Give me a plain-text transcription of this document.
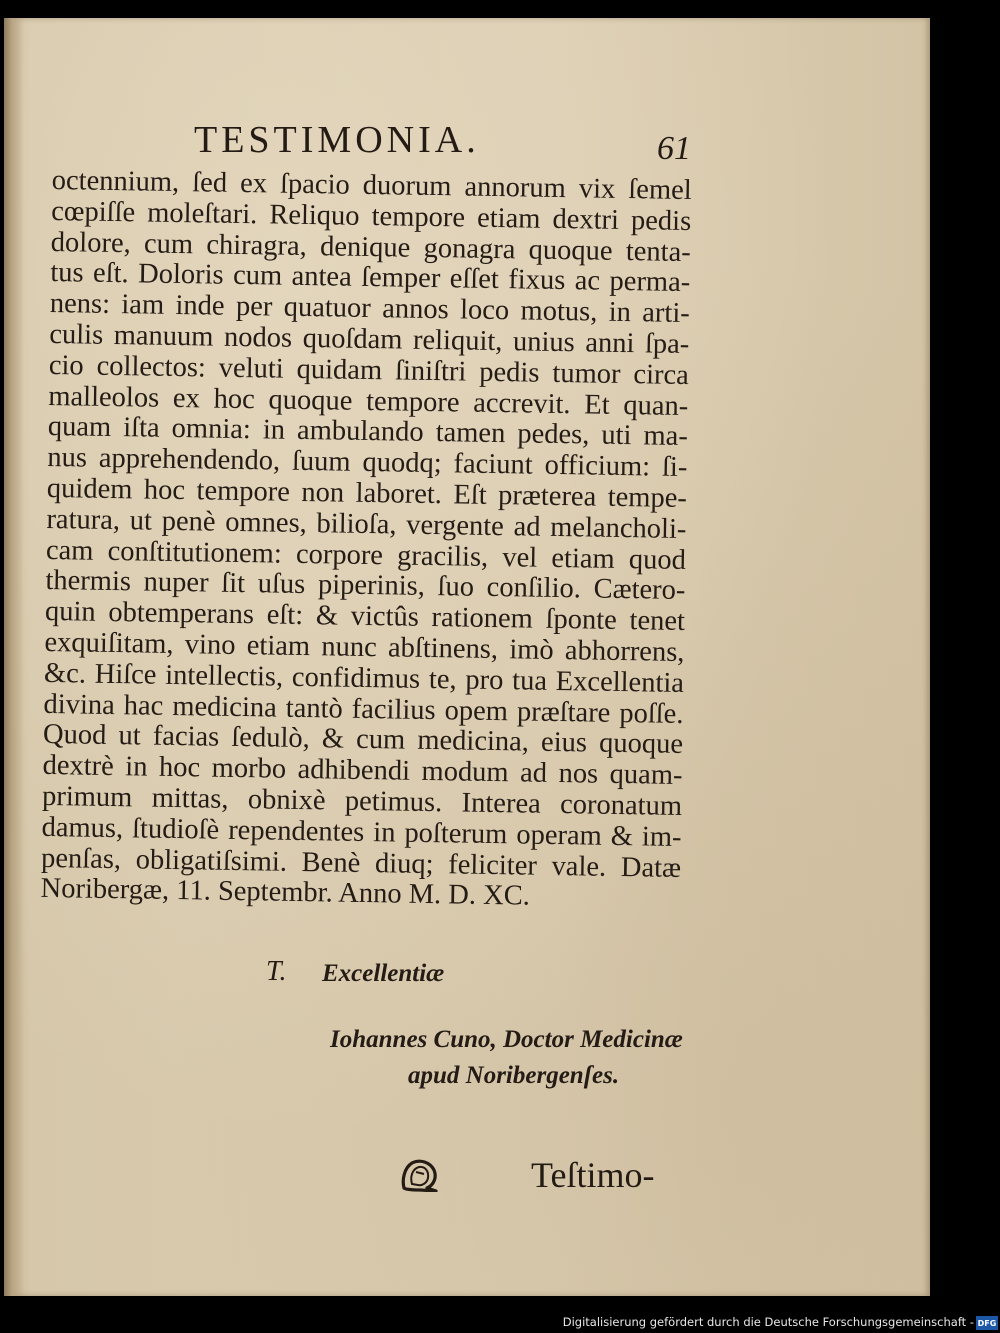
TESTIMONIA.	61
octennium, ſed ex ſpacio duorum annorum vix ſemel
cœpiſſe moleſtari. Reliquo tempore etiam dextri pedis
dolore, cum chiragra, denique gonagra quoque tenta-
tus eſt. Doloris cum antea ſemper eſſet fixus ac perma-
nens: iam inde per quatuor annos loco motus, in arti-
culis manuum nodos quoſdam reliquit, unius anni ſpa-
cio collectos: veluti quidam ſiniſtri pedis tumor circa
malleolos ex hoc quoque tempore accrevit. Et quan-
quam iſta omnia: in ambulando tamen pedes, uti ma-
nus apprehendendo, ſuum quodq; faciunt officium: ſi-
quidem hoc tempore non laboret. Eſt præterea tempe-
ratura, ut penè omnes, bilioſa, vergente ad melancholi-
cam conſtitutionem: corpore gracilis, vel etiam quod
thermis nuper ſit uſus piperinis, ſuo conſilio. Cætero-
quin obtemperans eſt: & victûs rationem ſponte tenet
exquiſitam, vino etiam nunc abſtinens, imò abhorrens,
&c. Hiſce intellectis, confidimus te, pro tua Excellentia
divina hac medicina tantò facilius opem præſtare poſſe.
Quod ut facias ſedulò, & cum medicina, eius quoque
dextrè in hoc morbo adhibendi modum ad nos quam-
primum mittas, obnixè petimus. Interea coronatum
damus, ſtudioſè rependentes in poſterum operam & im-
penſas, obligatiſsimi. Benè diuq; feliciter vale. Datæ
Noribergæ, 11. Septembr. Anno M. D. XC.
T. Excellentiæ
Iohannes Cuno, Doctor Medicinæ
apud Noribergenſes.
Teſtimo-
Digitalisierung gefördert durch die Deutsche Forschungsgemeinschaft - DFG
